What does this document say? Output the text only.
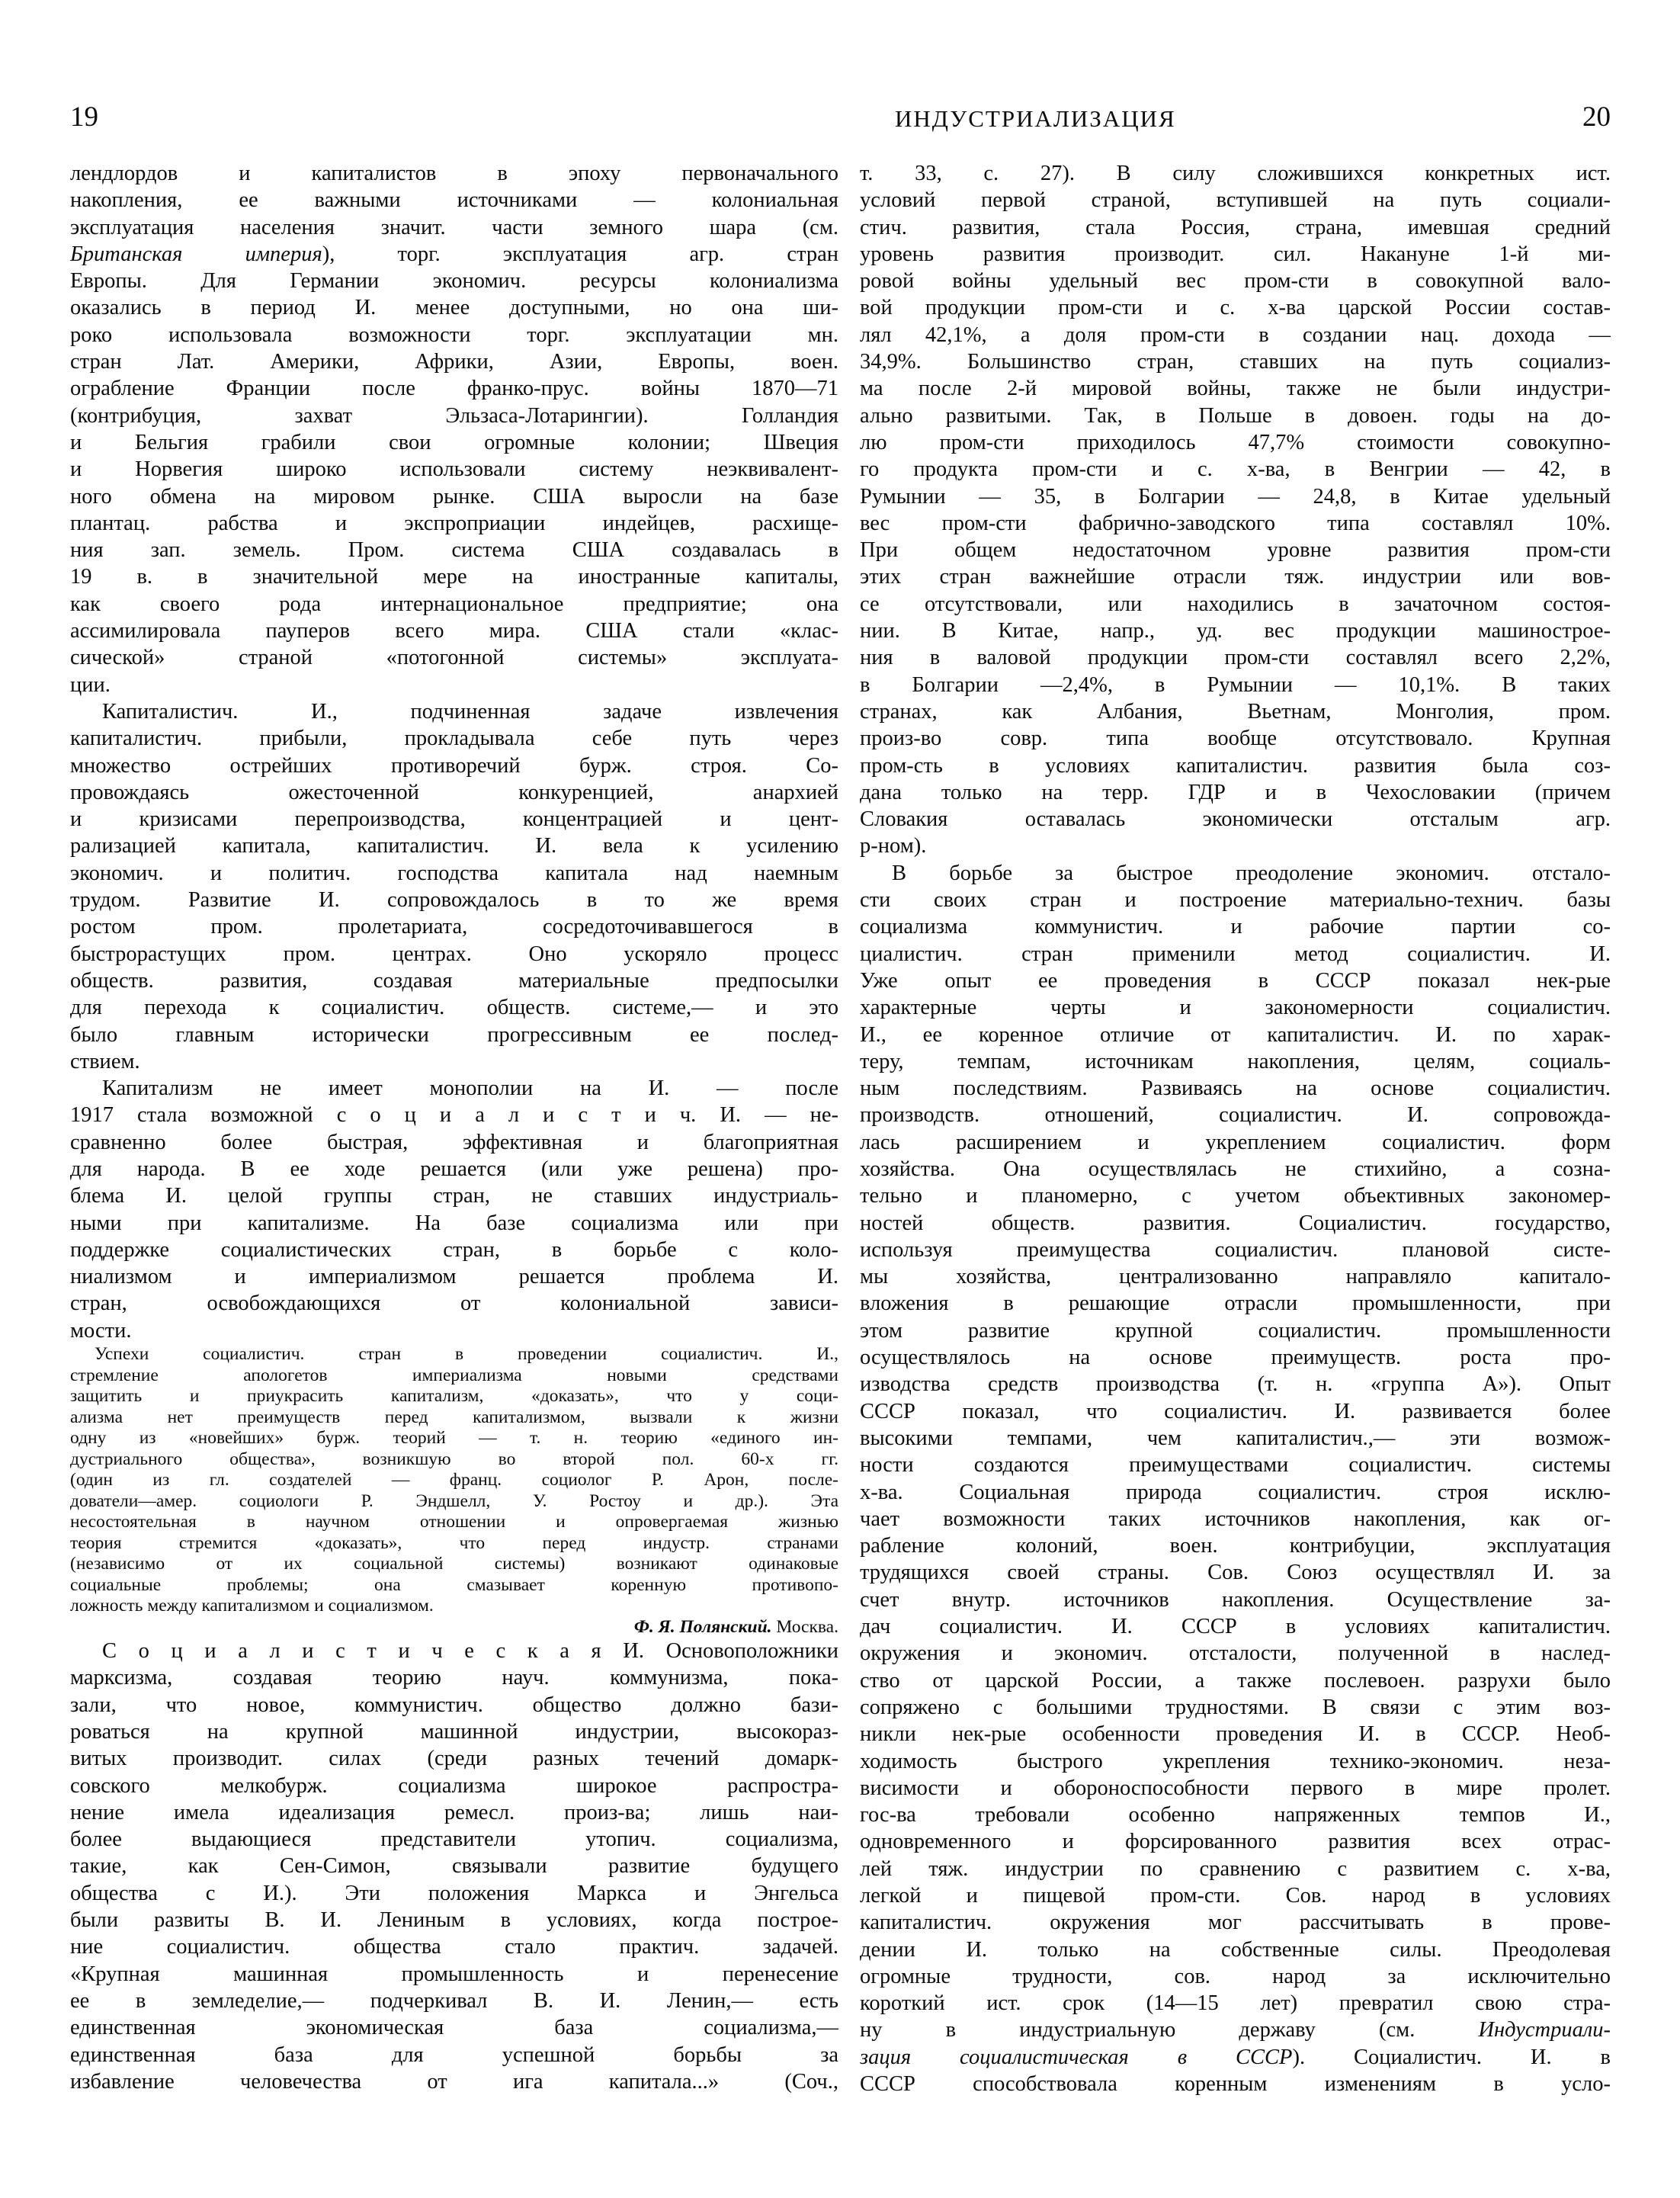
19	ИНДУСТРИАЛИЗАЦИЯ	20
лендлордов и капиталистов в эпоху первоначального
накопления, ее важными источниками — колониальная
эксплуатация населения значит. части земного шара (см.
Британская империя), торг. эксплуатация агр. стран
Европы. Для Германии экономич. ресурсы колониализма
оказались в период И. менее доступными, но она ши-
роко использовала возможности торг. эксплуатации мн.
стран Лат. Америки, Африки, Азии, Европы, воен.
ограбление Франции после франко-прус. войны 1870—71
(контрибуция, захват Эльзаса-Лотарингии). Голландия
и Бельгия грабили свои огромные колонии; Швеция
и Норвегия широко использовали систему неэквивалент-
ного обмена на мировом рынке. США выросли на базе
плантац. рабства и экспроприации индейцев, расхище-
ния зап. земель. Пром. система США создавалась в
19 в. в значительной мере на иностранные капиталы,
как своего рода интернациональное предприятие; она
ассимилировала пауперов всего мира. США стали «клас-
сической» страной «потогонной системы» эксплуата-
ции.
Капиталистич. И., подчиненная задаче извлечения
капиталистич. прибыли, прокладывала себе путь через
множество острейших противоречий бурж. строя. Со-
провождаясь ожесточенной конкуренцией, анархией
и кризисами перепроизводства, концентрацией и цент-
рализацией капитала, капиталистич. И. вела к усилению
экономич. и политич. господства капитала над наемным
трудом. Развитие И. сопровождалось в то же время
ростом пром. пролетариата, сосредоточивавшегося в
быстрорастущих пром. центрах. Оно ускоряло процесс
обществ. развития, создавая материальные предпосылки
для перехода к социалистич. обществ. системе,— и это
было главным исторически прогрессивным ее послед-
ствием.
Капитализм не имеет монополии на И. — после
1917 стала возможной с о ц и а л и с т и ч. И. — не-
сравненно более быстрая, эффективная и благоприятная
для народа. В ее ходе решается (или уже решена) про-
блема И. целой группы стран, не ставших индустриаль-
ными при капитализме. На базе социализма или при
поддержке социалистических стран, в борьбе с коло-
ниализмом и империализмом решается проблема И.
стран, освобождающихся от колониальной зависи-
мости.
Успехи социалистич. стран в проведении социалистич. И.,
стремление апологетов империализма новыми средствами
защитить и приукрасить капитализм, «доказать», что у соци-
ализма нет преимуществ перед капитализмом, вызвали к жизни
одну из «новейших» бурж. теорий — т. н. теорию «единого ин-
дустриального общества», возникшую во второй пол. 60-х гг.
(один из гл. создателей — франц. социолог Р. Арон, после-
дователи—амер. социологи Р. Эндшелл, У. Ростоу и др.). Эта
несостоятельная в научном отношении и опровергаемая жизнью
теория стремится «доказать», что перед индустр. странами
(независимо от их социальной системы) возникают одинаковые
социальные проблемы; она смазывает коренную противопо-
ложность между капитализмом и социализмом.
Ф. Я. Полянский. Москва.
С о ц и а л и с т и ч е с к а я И. Основоположники
марксизма, создавая теорию науч. коммунизма, пока-
зали, что новое, коммунистич. общество должно бази-
роваться на крупной машинной индустрии, высокораз-
витых производит. силах (среди разных течений домарк-
совского мелкобурж. социализма широкое распростра-
нение имела идеализация ремесл. произ-ва; лишь наи-
более выдающиеся представители утопич. социализма,
такие, как Сен-Симон, связывали развитие будущего
общества с И.). Эти положения Маркса и Энгельса
были развиты В. И. Лениным в условиях, когда построе-
ние социалистич. общества стало практич. задачей.
«Крупная машинная промышленность и перенесение
ее в земледелие,— подчеркивал В. И. Ленин,— есть
единственная экономическая база социализма,—
единственная база для успешной борьбы за
избавление человечества от ига капитала...» (Соч.,
т. 33, с. 27). В силу сложившихся конкретных ист.
условий первой страной, вступившей на путь социали-
стич. развития, стала Россия, страна, имевшая средний
уровень развития производит. сил. Накануне 1-й ми-
ровой войны удельный вес пром-сти в совокупной вало-
вой продукции пром-сти и с. х-ва царской России состав-
лял 42,1%, а доля пром-сти в создании нац. дохода —
34,9%. Большинство стран, ставших на путь социализ-
ма после 2-й мировой войны, также не были индустри-
ально развитыми. Так, в Польше в довоен. годы на до-
лю пром-сти приходилось 47,7% стоимости совокупно-
го продукта пром-сти и с. х-ва, в Венгрии — 42, в
Румынии — 35, в Болгарии — 24,8, в Китае удельный
вес пром-сти фабрично-заводского типа составлял 10%.
При общем недостаточном уровне развития пром-сти
этих стран важнейшие отрасли тяж. индустрии или вов-
се отсутствовали, или находились в зачаточном состоя-
нии. В Китае, напр., уд. вес продукции машинострое-
ния в валовой продукции пром-сти составлял всего 2,2%,
в Болгарии —2,4%, в Румынии — 10,1%. В таких
странах, как Албания, Вьетнам, Монголия, пром.
произ-во совр. типа вообще отсутствовало. Крупная
пром-сть в условиях капиталистич. развития была соз-
дана только на терр. ГДР и в Чехословакии (причем
Словакия оставалась экономически отсталым агр.
р-ном).
В борьбе за быстрое преодоление экономич. отстало-
сти своих стран и построение материально-технич. базы
социализма коммунистич. и рабочие партии со-
циалистич. стран применили метод социалистич. И.
Уже опыт ее проведения в СССР показал нек-рые
характерные черты и закономерности социалистич.
И., ее коренное отличие от капиталистич. И. по харак-
теру, темпам, источникам накопления, целям, социаль-
ным последствиям. Развиваясь на основе социалистич.
производств. отношений, социалистич. И. сопровожда-
лась расширением и укреплением социалистич. форм
хозяйства. Она осуществлялась не стихийно, а созна-
тельно и планомерно, с учетом объективных закономер-
ностей обществ. развития. Социалистич. государство,
используя преимущества социалистич. плановой систе-
мы хозяйства, централизованно направляло капитало-
вложения в решающие отрасли промышленности, при
этом развитие крупной социалистич. промышленности
осуществлялось на основе преимуществ. роста про-
изводства средств производства (т. н. «группа А»). Опыт
СССР показал, что социалистич. И. развивается более
высокими темпами, чем капиталистич.,— эти возмож-
ности создаются преимуществами социалистич. системы
х-ва. Социальная природа социалистич. строя исклю-
чает возможности таких источников накопления, как ог-
рабление колоний, воен. контрибуции, эксплуатация
трудящихся своей страны. Сов. Союз осуществлял И. за
счет внутр. источников накопления. Осуществление за-
дач социалистич. И. СССР в условиях капиталистич.
окружения и экономич. отсталости, полученной в наслед-
ство от царской России, а также послевоен. разрухи было
сопряжено с большими трудностями. В связи с этим воз-
никли нек-рые особенности проведения И. в СССР. Необ-
ходимость быстрого укрепления технико-экономич. неза-
висимости и обороноспособности первого в мире пролет.
гос-ва требовали особенно напряженных темпов И.,
одновременного и форсированного развития всех отрас-
лей тяж. индустрии по сравнению с развитием с. х-ва,
легкой и пищевой пром-сти. Сов. народ в условиях
капиталистич. окружения мог рассчитывать в прове-
дении И. только на собственные силы. Преодолевая
огромные трудности, сов. народ за исключительно
короткий ист. срок (14—15 лет) превратил свою стра-
ну в индустриальную державу (см. Индустриали-
зация социалистическая в СССР). Социалистич. И. в
СССР способствовала коренным изменениям в усло-
